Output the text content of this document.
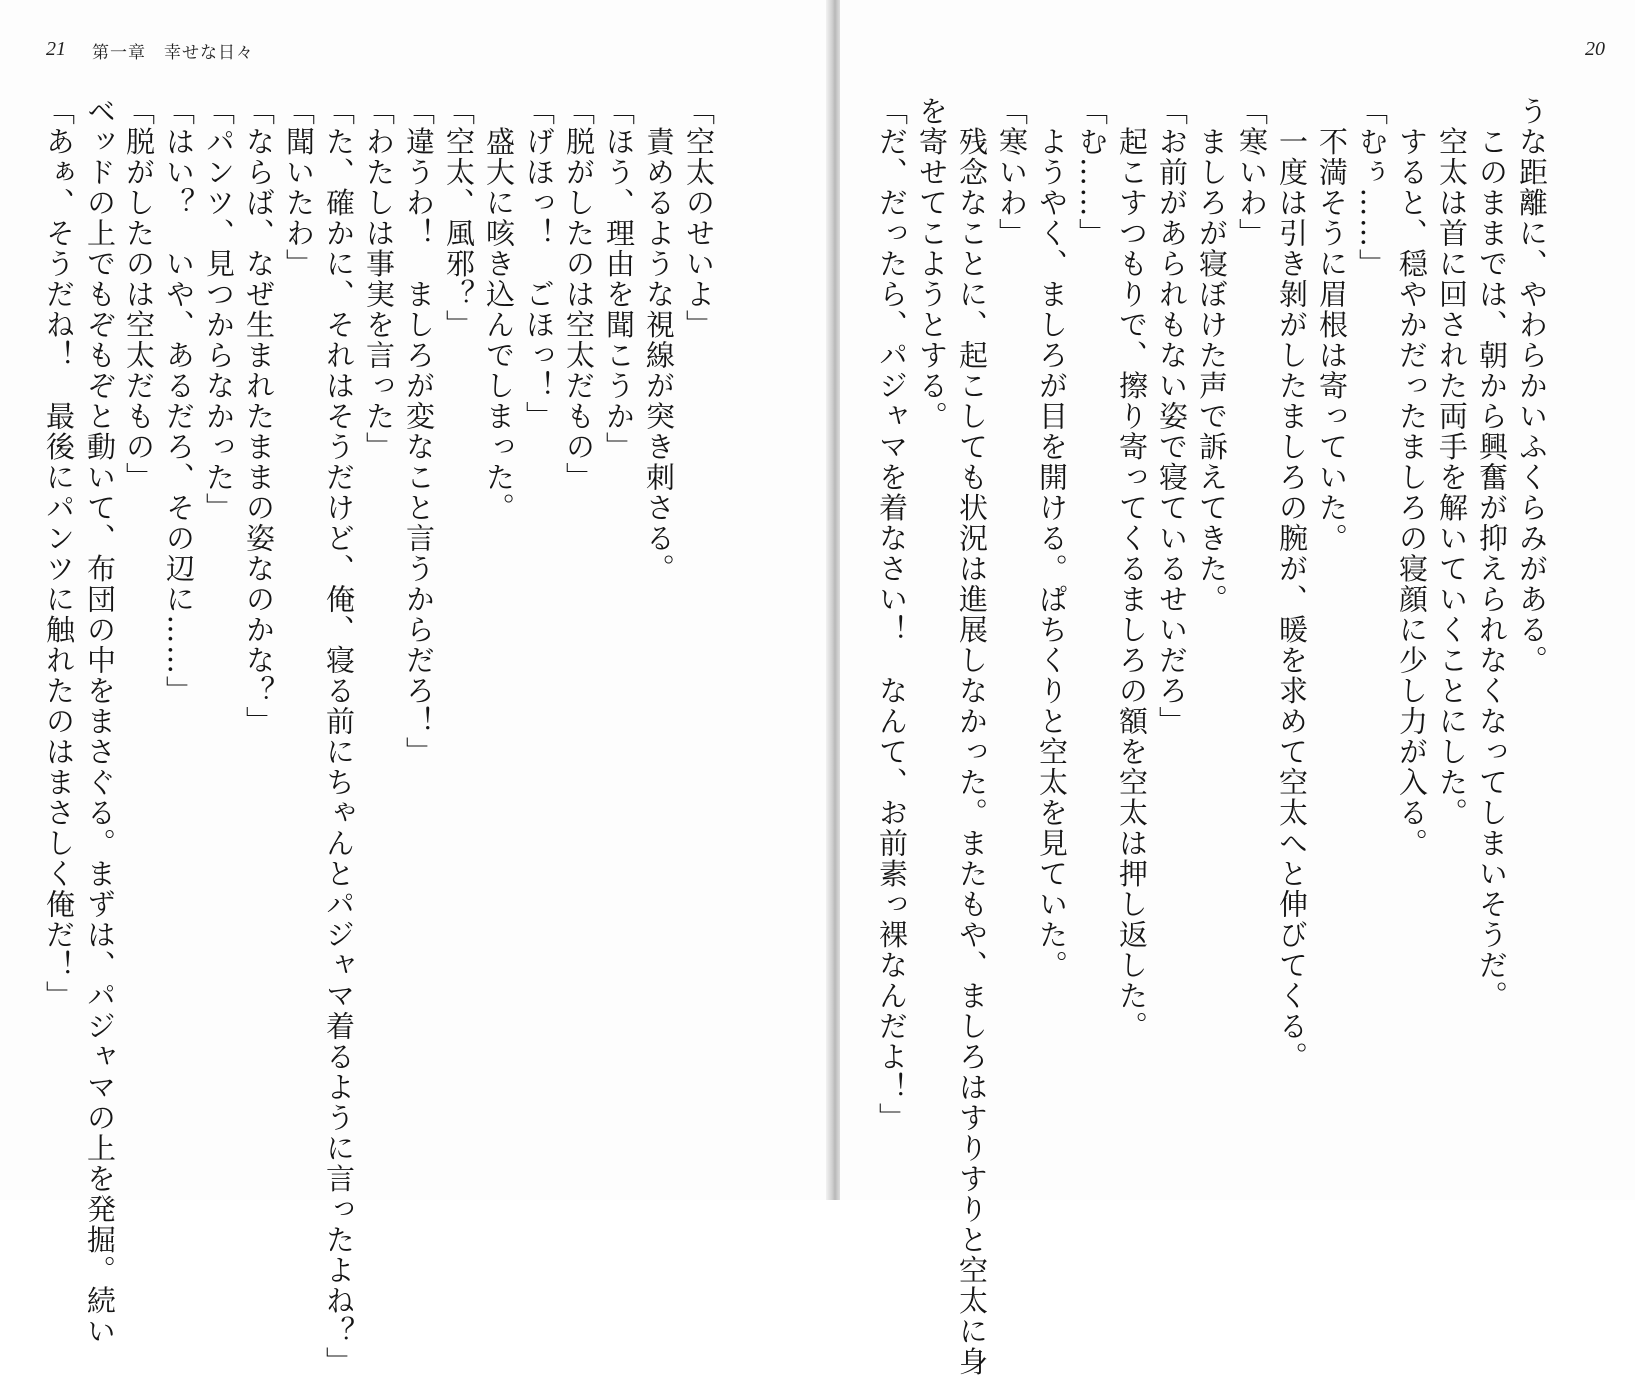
21 第一章　幸せな日々
「あぁ、そうだね！　最後にパンツに触れたのはまさしく俺だ！」 ベッドの上でもぞもぞと動いて、布団の中をまさぐる。まずは、パジャマの上を発掘。続い 「脱がしたのは空太だもの」 「はい？　いや、あるだろ、その辺に……」 「パンツ、見つからなかった」 「ならば、なぜ生まれたままの姿なのかな？」 「聞いたわ」 「た、確かに、それはそうだけど、俺、寝る前にちゃんとパジャマ着るように言ったよね？」 「わたしは事実を言った」 「違うわ！　ましろが変なこと言うからだろ！」 「空太、風邪？」 　盛大に咳き込んでしまった。 「げほっ！　ごほっ！」 「脱がしたのは空太だもの」 「ほう、理由を聞こうか」 　責めるような視線が突き刺さる。 「空太のせいよ」
20
うな距離に、やわらかいふくらみがある。
　このままでは、朝から興奮が抑えられなくなってしまいそうだ。
　空太は首に回された両手を解いていくことにした。
　すると、穏やかだったましろの寝顔に少し力が入る。
「むぅ……」
　不満そうに眉根は寄っていた。
　一度は引き剝がしたましろの腕が、暖を求めて空太へと伸びてくる。
「寒いわ」
　ましろが寝ぼけた声で訴えてきた。
「お前があられもない姿で寝ているせいだろ」
　起こすつもりで、擦り寄ってくるましろの額を空太は押し返した。
「む……」
　ようやく、ましろが目を開ける。ぱちくりと空太を見ていた。
「寒いわ」
　残念なことに、起こしても状況は進展しなかった。またもや、ましろはすりすりと空太に身
を寄せてこようとする。
「だ、だったら、パジャマを着なさい！　なんて、お前素っ裸なんだよ！」
